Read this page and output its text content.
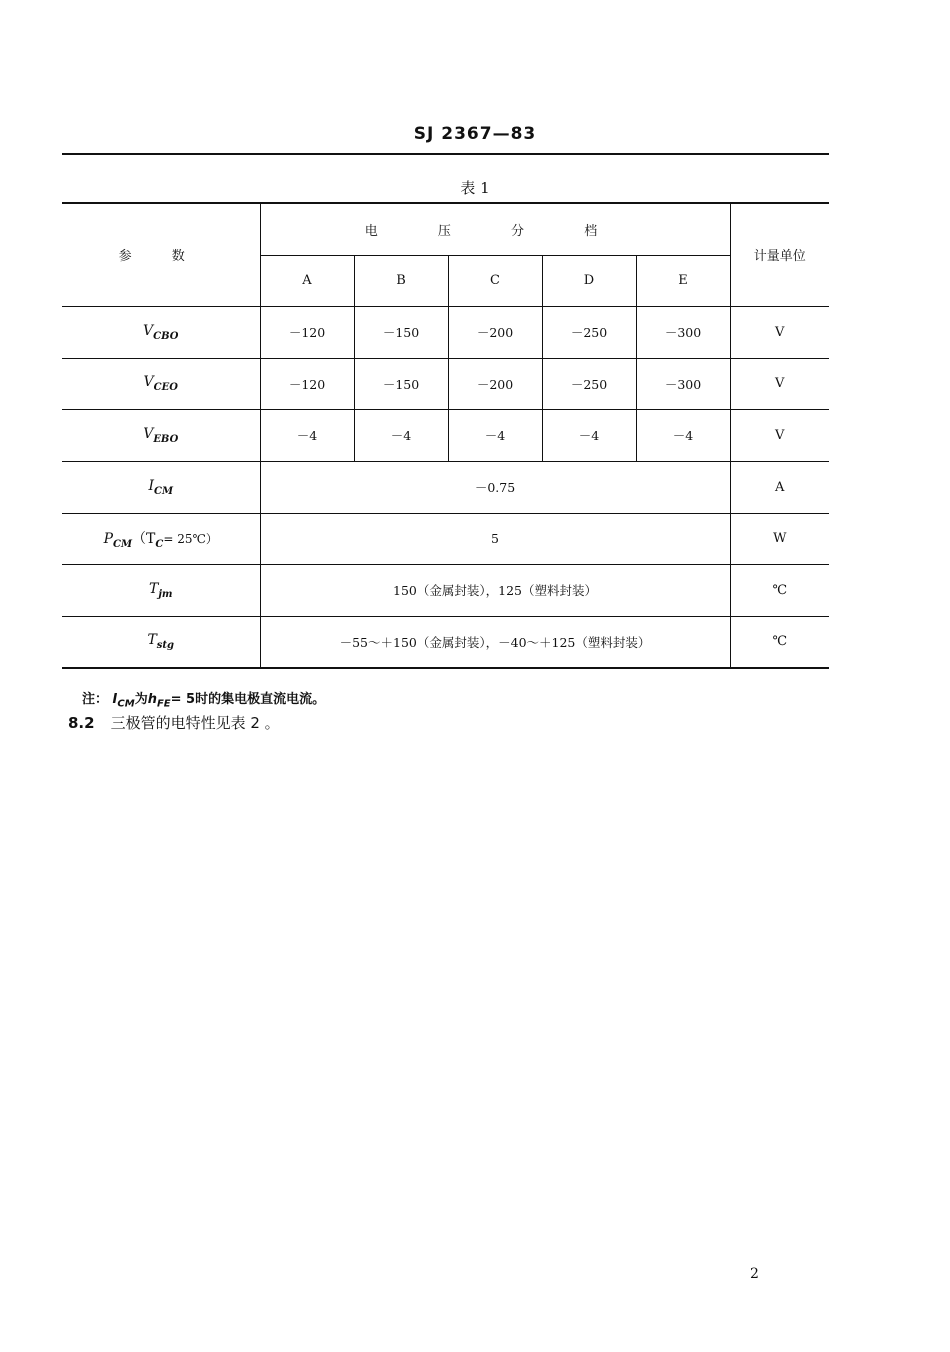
SJ 2367—83
表 1
参 数	电 压 分 档					计量单位
	A	B	C	D	E	
$V_{CBO}$	－120	－150	－200	－250	－300	V
$V_{CEO}$	－120	－150	－200	－250	－300	V
$V_{EBO}$	－4	－4	－4	－4	－4	V
$I_{CM}$	－0.75					A
$P_{CM}(T_C=$ 25℃）	5					W
$T_{jm}$	150（金属封装），125（塑料封装）					℃
$T_{stg}$	－55～＋150（金属封装），－40～＋125（塑料封装）					℃
注： $I_{CM}$为$h_{FE}= 5$时的集电极直流电流。
8.2 三极管的电特性见表 2 。
2
